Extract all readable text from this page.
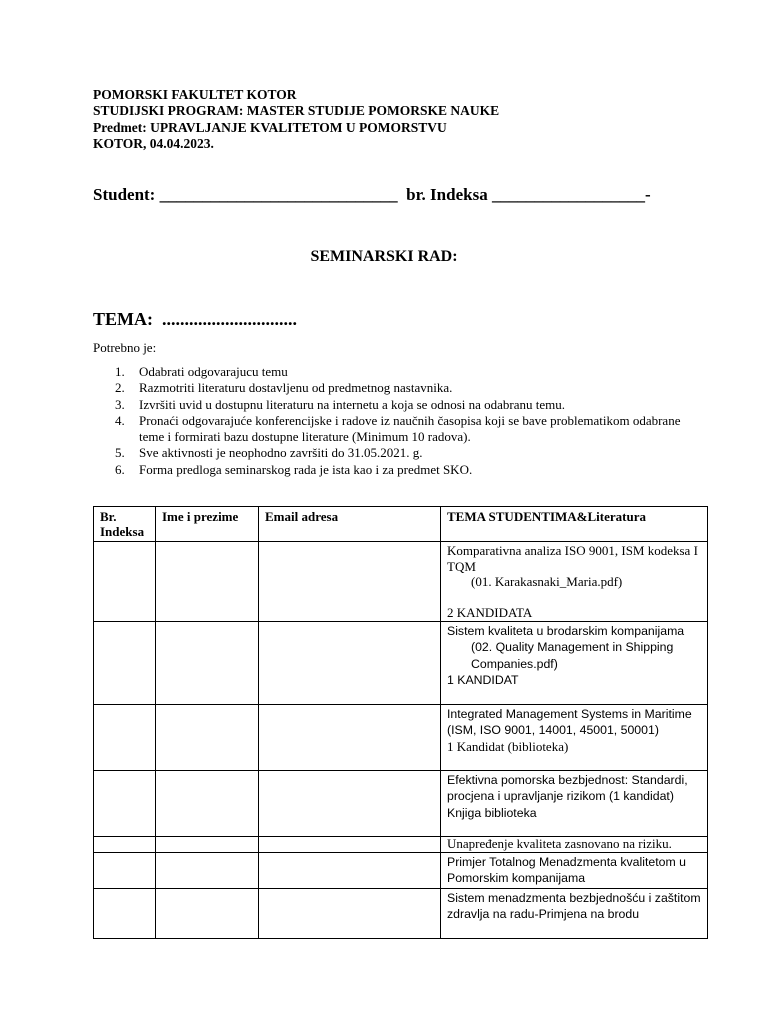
POMORSKI FAKULTET KOTOR
STUDIJSKI PROGRAM: MASTER STUDIJE POMORSKE NAUKE
Predmet: UPRAVLJANJE KVALITETOM U POMORSTVU
KOTOR, 04.04.2023.
Student: ____________________________  br. Indeksa __________________-
SEMINARSKI RAD:
TEMA:  ..............................
Potrebno je:
1. Odabrati odgovarajucu temu
2. Razmotriti literaturu dostavljenu od predmetnog nastavnika.
3. Izvršiti uvid u dostupnu literaturu na internetu a koja se odnosi na odabranu temu.
4. Pronaći odgovarajuće konferencijske i radove iz naučnih časopisa koji se bave problematikom odabrane teme i formirati bazu dostupne literature (Minimum 10 radova).
5. Sve aktivnosti je neophodno završiti do 31.05.2021. g.
6. Forma predloga seminarskog rada je ista kao i za predmet SKO.
Br. Indeksa	Ime i prezime	Email adresa	TEMA STUDENTIMA&Literatura

			Komparativna analiza ISO 9001, ISM kodeksa I TQM
(01. Karakasnaki_Maria.pdf)
2 KANDIDATA

			Sistem kvaliteta u brodarskim kompanijama
(02. Quality Management in Shipping Companies.pdf)
1 KANDIDAT

			Integrated Management Systems in Maritime (ISM, ISO 9001, 14001, 45001, 50001)
1 Kandidat (biblioteka)

			Efektivna pomorska bezbjednost: Standardi, procjena i upravljanje rizikom (1 kandidat)
Knjiga biblioteka

			Unapređenje kvaliteta zasnovano na riziku.

			Primjer Totalnog Menadzmenta kvalitetom u Pomorskim kompanijama

			Sistem menadzmenta bezbjednošću i zaštitom zdravlja na radu-Primjena na brodu
